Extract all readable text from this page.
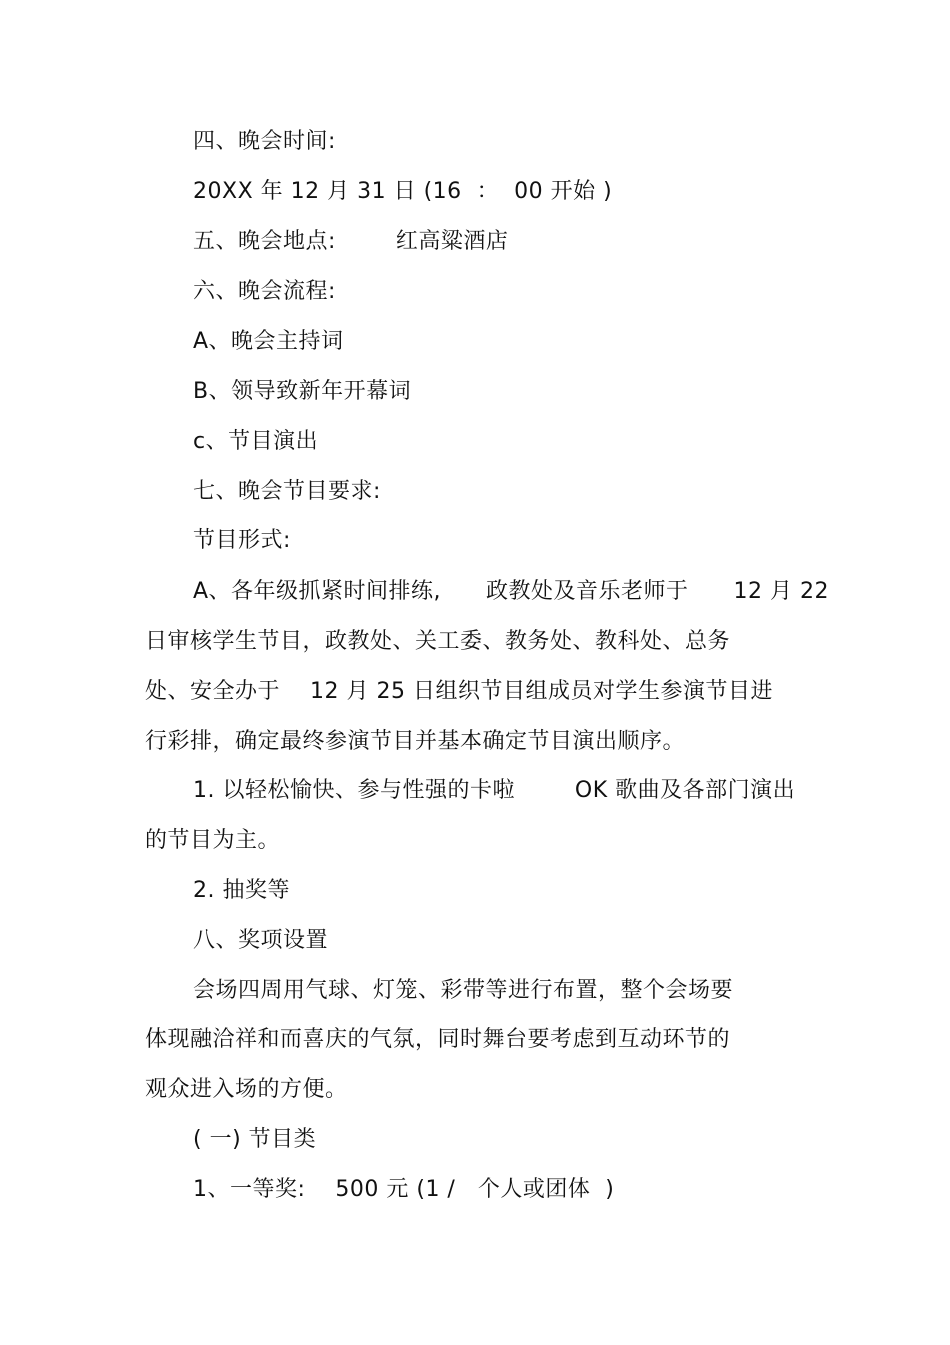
四、晚会时间:
20XX 年 12 月 31 日 (16  ：  00 开始 )
五、晚会地点:        红高粱酒店
六、晚会流程:
A、晚会主持词
B、领导致新年开幕词
c、节目演出
七、晚会节目要求:
节目形式:
A、各年级抓紧时间排练,      政教处及音乐老师于      12 月 22
日审核学生节目，政教处、关工委、教务处、教科处、总务
处、安全办于    12 月 25 日组织节目组成员对学生参演节目进
行彩排，确定最终参演节目并基本确定节目演出顺序。
1. 以轻松愉快、参与性强的卡啦        OK 歌曲及各部门演出
的节目为主。
2. 抽奖等
八、奖项设置
会场四周用气球、灯笼、彩带等进行布置，整个会场要
体现融洽祥和而喜庆的气氛，同时舞台要考虑到互动环节的
观众进入场的方便。
( 一) 节目类
1、一等奖:    500 元 (1 /   个人或团体  )
